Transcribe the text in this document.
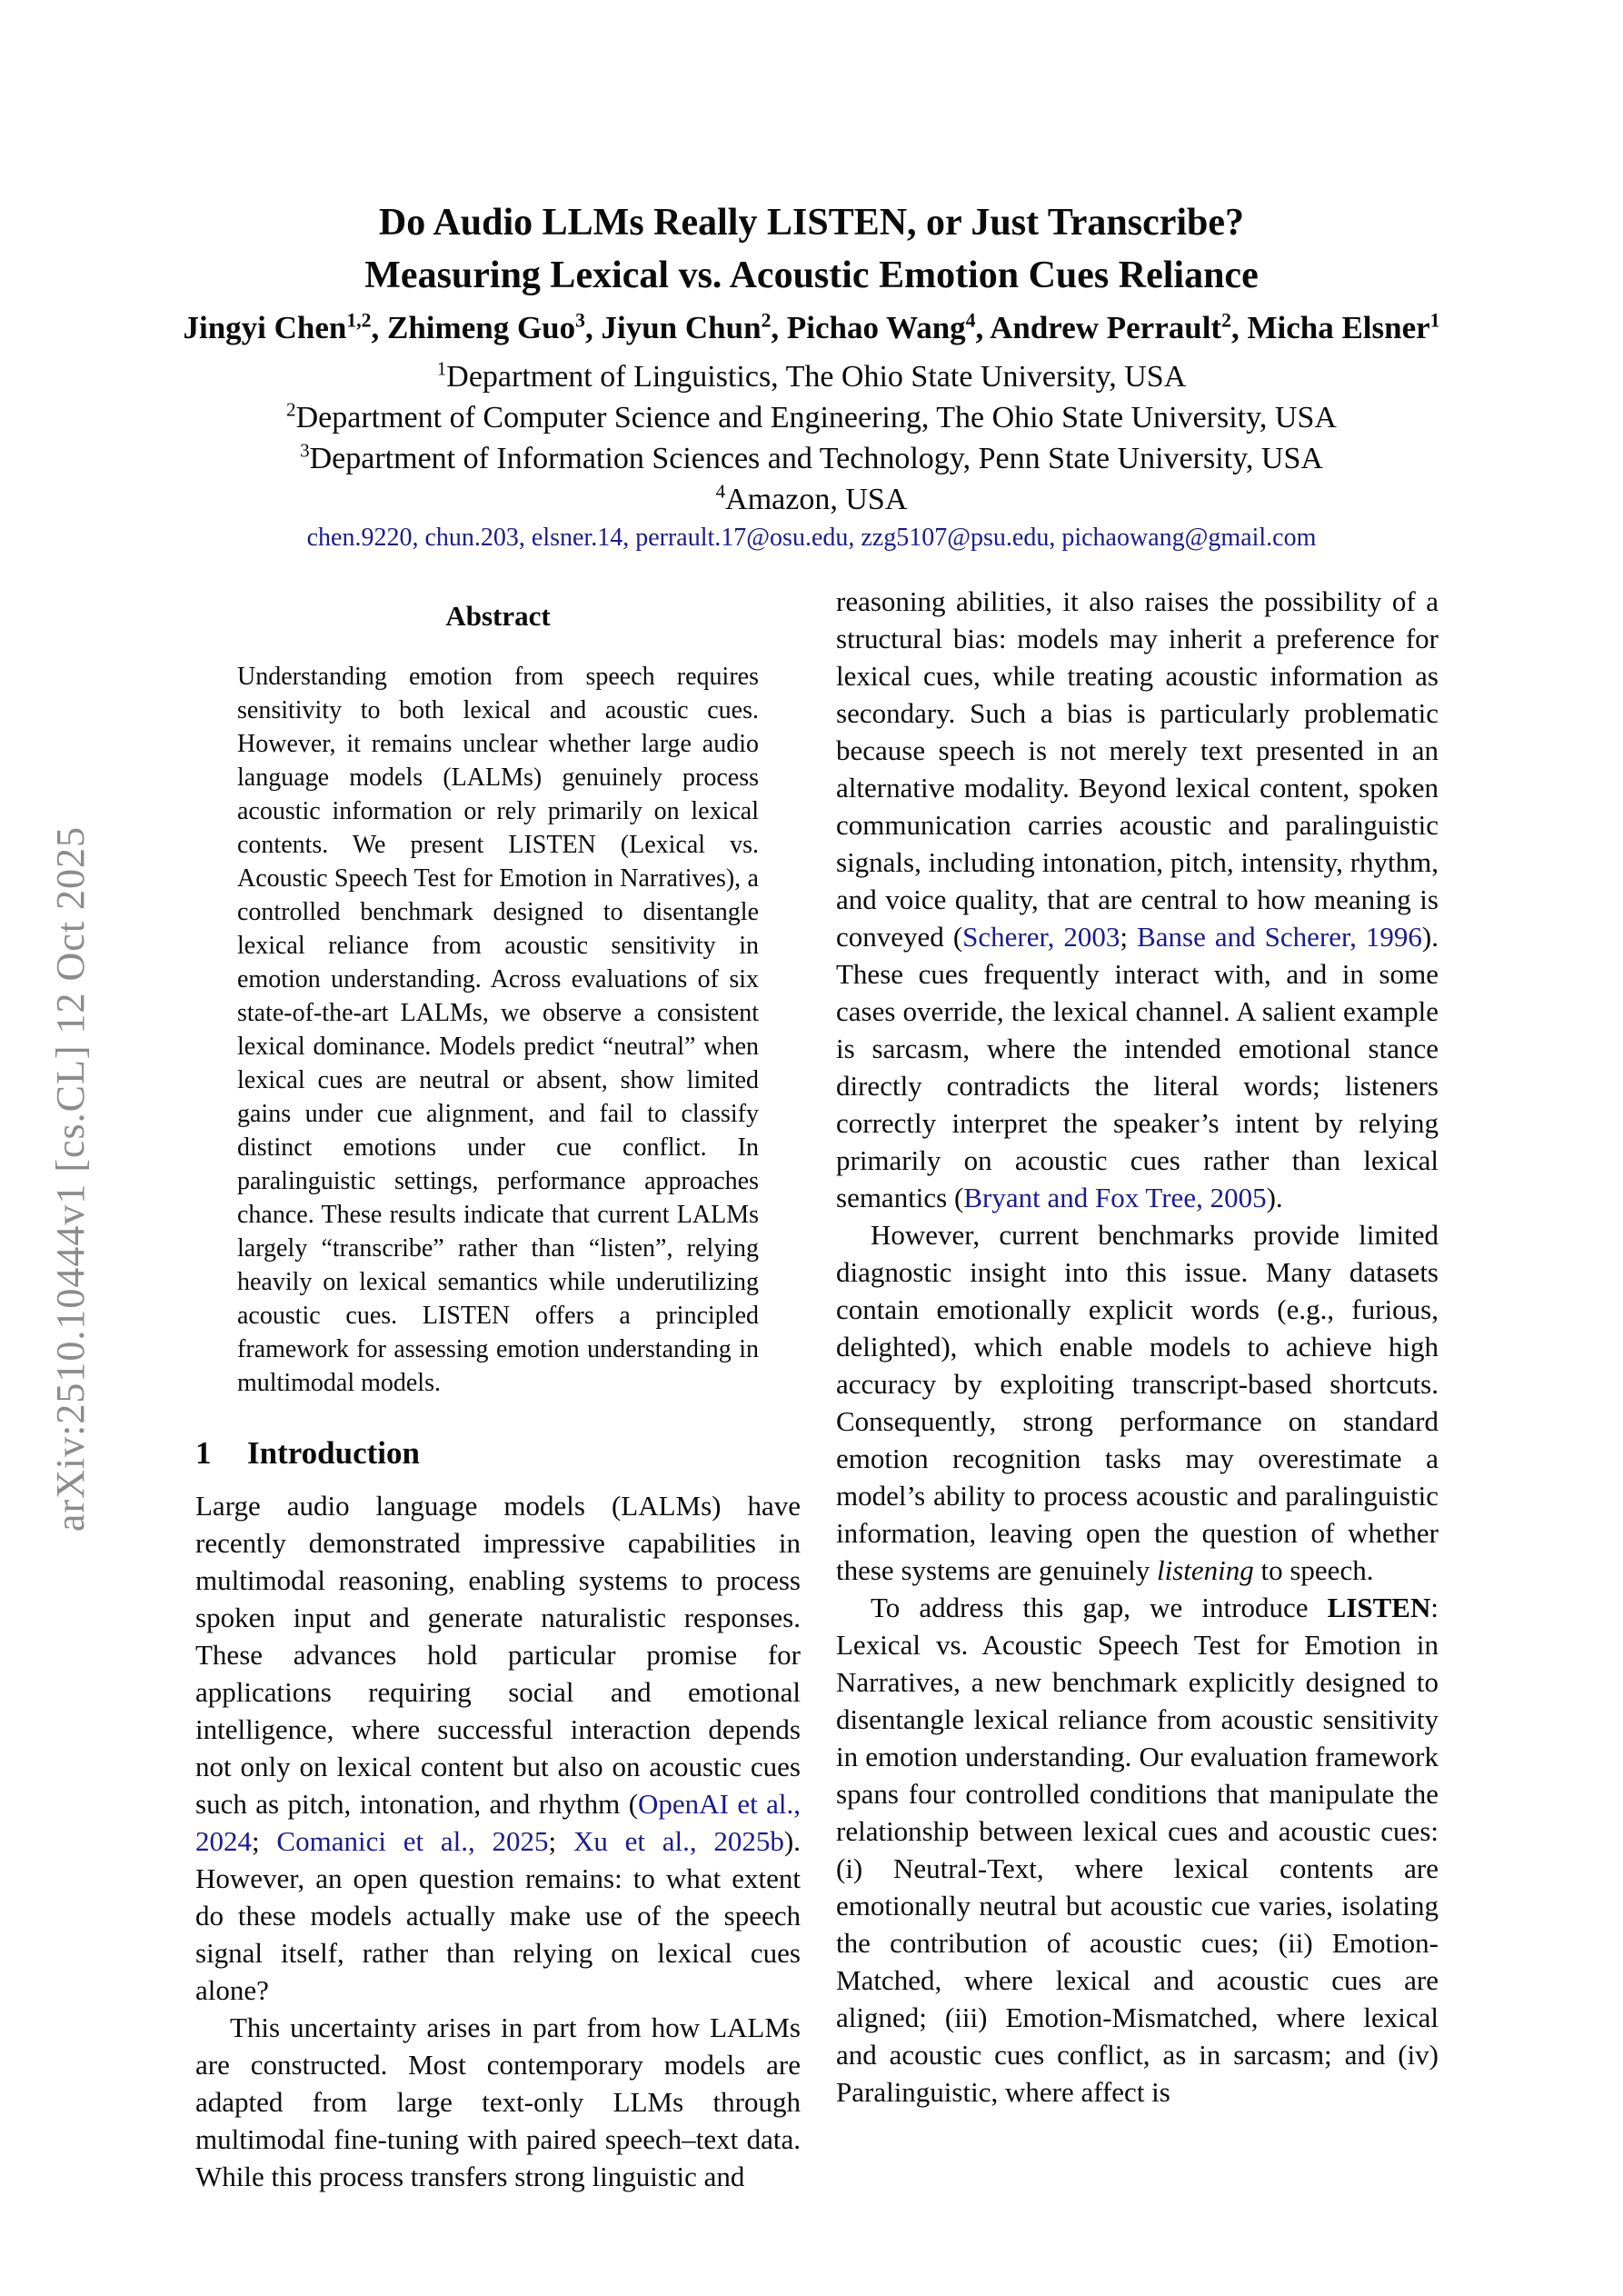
arXiv:2510.10444v1 [cs.CL] 12 Oct 2025
Do Audio LLMs Really LISTEN, or Just Transcribe?
Measuring Lexical vs. Acoustic Emotion Cues Reliance
Jingyi Chen$^{1,2}$, Zhimeng Guo$^3$, Jiyun Chun$^2$, Pichao Wang$^4$, Andrew Perrault$^2$, Micha Elsner$^1$
$^1$Department of Linguistics, The Ohio State University, USA
$^2$Department of Computer Science and Engineering, The Ohio State University, USA
$^3$Department of Information Sciences and Technology, Penn State University, USA
$^4$Amazon, USA
chen.9220, chun.203, elsner.14, perrault.17@osu.edu, zzg5107@psu.edu, pichaowang@gmail.com
Abstract

Understanding emotion from speech requires sensitivity to both lexical and acoustic cues. However, it remains unclear whether large audio language models (LALMs) genuinely process acoustic information or rely primarily on lexical contents. We present LISTEN (Lexical vs. Acoustic Speech Test for Emotion in Narratives), a controlled benchmark designed to disentangle lexical reliance from acoustic sensitivity in emotion understanding. Across evaluations of six state-of-the-art LALMs, we observe a consistent lexical dominance. Models predict “neutral” when lexical cues are neutral or absent, show limited gains under cue alignment, and fail to classify distinct emotions under cue conflict. In paralinguistic settings, performance approaches chance. These results indicate that current LALMs largely “transcribe” rather than “listen”, relying heavily on lexical semantics while underutilizing acoustic cues. LISTEN offers a principled framework for assessing emotion understanding in multimodal models.

1 Introduction

Large audio language models (LALMs) have recently demonstrated impressive capabilities in multimodal reasoning, enabling systems to process spoken input and generate naturalistic responses. These advances hold particular promise for applications requiring social and emotional intelligence, where successful interaction depends not only on lexical content but also on acoustic cues such as pitch, intonation, and rhythm (OpenAI et al., 2024; Comanici et al., 2025; Xu et al., 2025b). However, an open question remains: to what extent do these models actually make use of the speech signal itself, rather than relying on lexical cues alone?

This uncertainty arises in part from how LALMs are constructed. Most contemporary models are adapted from large text-only LLMs through multimodal fine-tuning with paired speech–text data. While this process transfers strong linguistic and

reasoning abilities, it also raises the possibility of a structural bias: models may inherit a preference for lexical cues, while treating acoustic information as secondary. Such a bias is particularly problematic because speech is not merely text presented in an alternative modality. Beyond lexical content, spoken communication carries acoustic and paralinguistic signals, including intonation, pitch, intensity, rhythm, and voice quality, that are central to how meaning is conveyed (Scherer, 2003; Banse and Scherer, 1996). These cues frequently interact with, and in some cases override, the lexical channel. A salient example is sarcasm, where the intended emotional stance directly contradicts the literal words; listeners correctly interpret the speaker’s intent by relying primarily on acoustic cues rather than lexical semantics (Bryant and Fox Tree, 2005).

However, current benchmarks provide limited diagnostic insight into this issue. Many datasets contain emotionally explicit words (e.g., furious, delighted), which enable models to achieve high accuracy by exploiting transcript-based shortcuts. Consequently, strong performance on standard emotion recognition tasks may overestimate a model’s ability to process acoustic and paralinguistic information, leaving open the question of whether these systems are genuinely listening to speech.

To address this gap, we introduce LISTEN: Lexical vs. Acoustic Speech Test for Emotion in Narratives, a new benchmark explicitly designed to disentangle lexical reliance from acoustic sensitivity in emotion understanding. Our evaluation framework spans four controlled conditions that manipulate the relationship between lexical cues and acoustic cues: (i) Neutral-Text, where lexical contents are emotionally neutral but acoustic cue varies, isolating the contribution of acoustic cues; (ii) Emotion-Matched, where lexical and acoustic cues are aligned; (iii) Emotion-Mismatched, where lexical and acoustic cues conflict, as in sarcasm; and (iv) Paralinguistic, where affect is
